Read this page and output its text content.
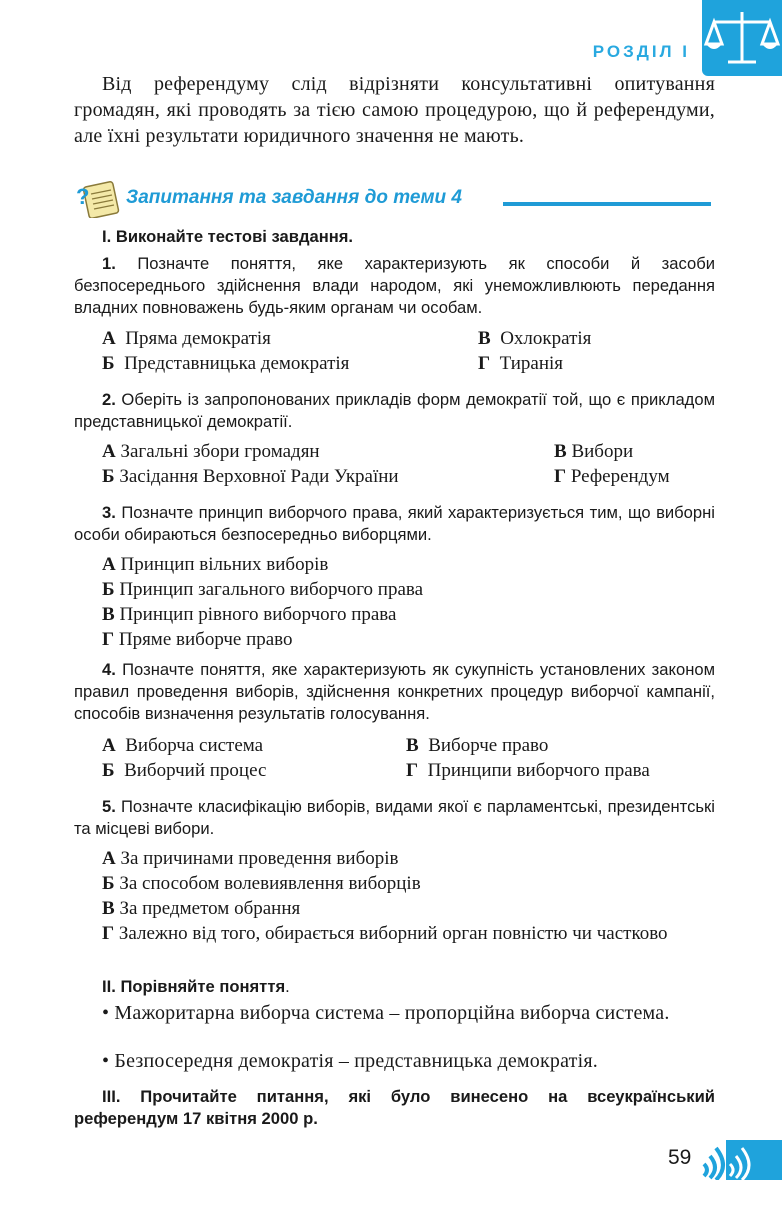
РОЗДІЛ І
Від референдуму слід відрізняти консультативні опитування громадян, які проводять за тією самою процедурою, що й референдуми, але їхні результати юридичного значення не мають.
? Запитання та завдання до теми 4
І. Виконайте тестові завдання.
1. Позначте поняття, яке характеризують як способи й засоби безпосереднього здійснення влади народом, які унеможливлюють передання владних повноважень будь-яким органам чи особам.
А Пряма демократія	В Охлократія
Б Представницька демократія	Г Тиранія
2. Оберіть із запропонованих прикладів форм демократії той, що є прикладом представницької демократії.
А Загальні збори громадян	В Вибори
Б Засідання Верховної Ради України	Г Референдум
3. Позначте принцип виборчого права, який характеризується тим, що виборні особи обираються безпосередньо виборцями.
А Принцип вільних виборів
Б Принцип загального виборчого права
В Принцип рівного виборчого права
Г Пряме виборче право
4. Позначте поняття, яке характеризують як сукупність установлених законом правил проведення виборів, здійснення конкретних процедур виборчої кампанії, способів визначення результатів голосування.
А Виборча система	В Виборче право
Б Виборчий процес	Г Принципи виборчого права
5. Позначте класифікацію виборів, видами якої є парламентські, президентські та місцеві вибори.
А За причинами проведення виборів
Б За способом волевиявлення виборців
В За предметом обрання
Г Залежно від того, обирається виборний орган повністю чи частково
ІІ. Порівняйте поняття.
• Мажоритарна виборча система – пропорційна виборча система.
• Безпосередня демократія – представницька демократія.
ІІІ. Прочитайте питання, які було винесено на всеукраїнський референдум 17 квітня 2000 р.
59
